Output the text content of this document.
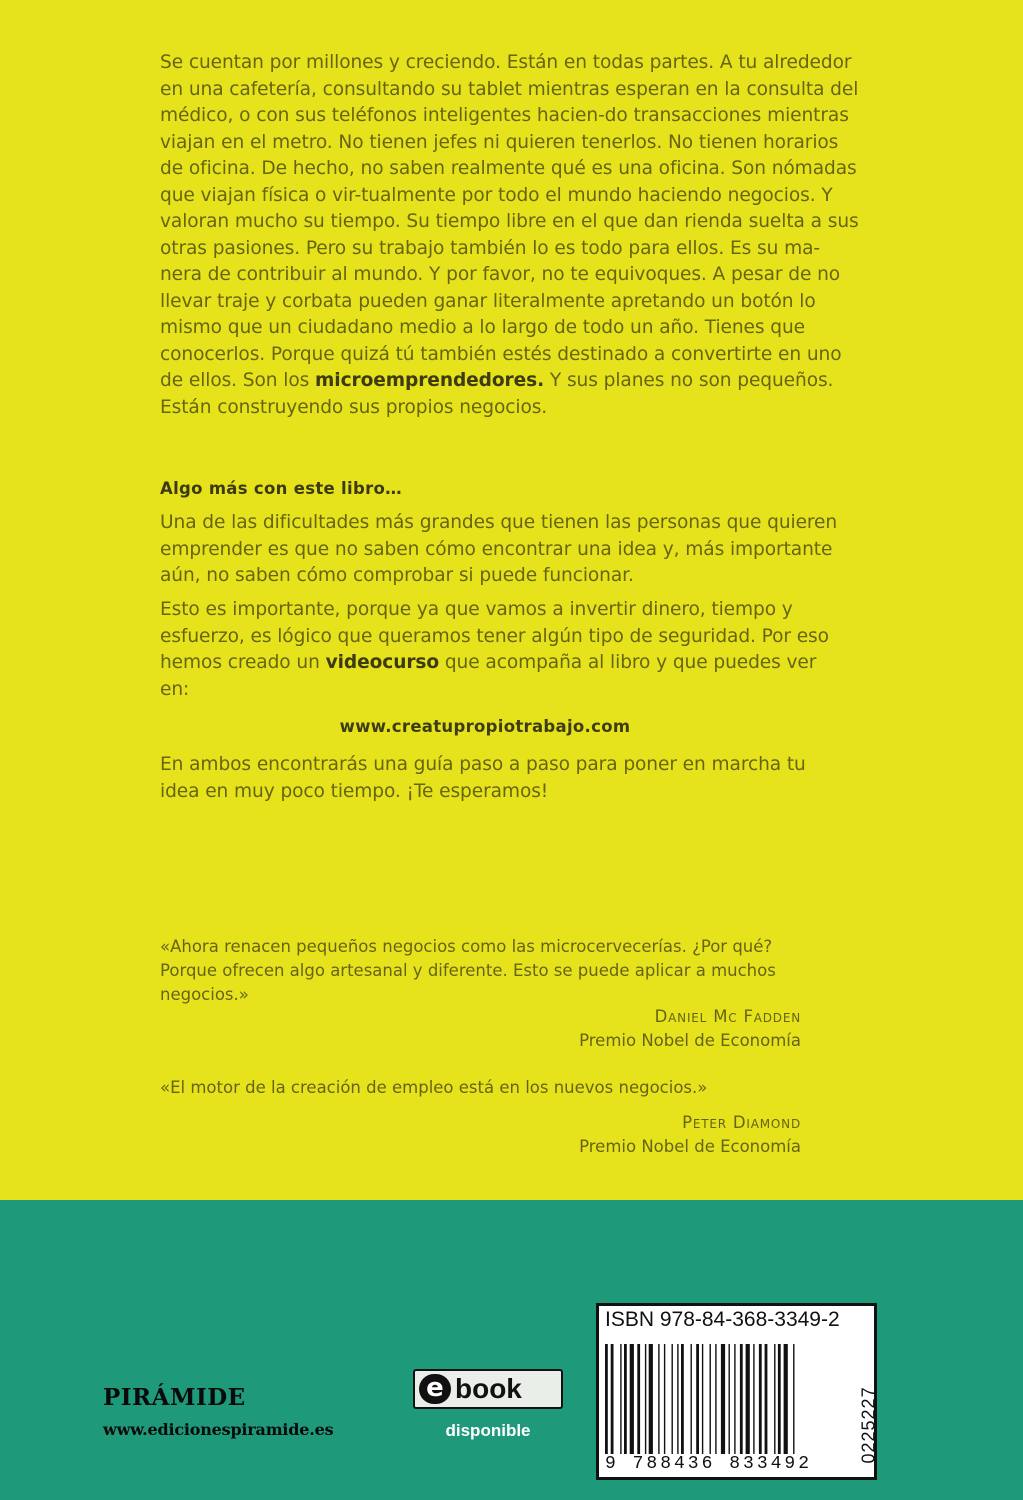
Se cuentan por millones y creciendo. Están en todas partes. A tu alrededor en una cafetería, consultando su tablet mientras esperan en la consulta del médico, o con sus teléfonos inteligentes hacien-do transacciones mientras viajan en el metro. No tienen jefes ni quieren tenerlos. No tienen horarios de oficina. De hecho, no saben realmente qué es una oficina. Son nómadas que viajan física o vir-tualmente por todo el mundo haciendo negocios. Y valoran mucho su tiempo. Su tiempo libre en el que dan rienda suelta a sus otras pasiones. Pero su trabajo también lo es todo para ellos. Es su ma-nera de contribuir al mundo. Y por favor, no te equivoques. A pesar de no llevar traje y corbata pueden ganar literalmente apretando un botón lo mismo que un ciudadano medio a lo largo de todo un año. Tienes que conocerlos. Porque quizá tú también estés destinado a convertirte en uno de ellos. Son los microemprendedores. Y sus planes no son pequeños. Están construyendo sus propios negocios.

Algo más con este libro…

Una de las dificultades más grandes que tienen las personas que quieren emprender es que no saben cómo encontrar una idea y, más importante aún, no saben cómo comprobar si puede funcionar.

Esto es importante, porque ya que vamos a invertir dinero, tiempo y esfuerzo, es lógico que queramos tener algún tipo de seguridad. Por eso hemos creado un videocurso que acompaña al libro y que puedes ver en:

www.creatupropiotrabajo.com

En ambos encontrarás una guía paso a paso para poner en marcha tu idea en muy poco tiempo. ¡Te esperamos!

«Ahora renacen pequeños negocios como las microcervecerías. ¿Por qué? Porque ofrecen algo artesanal y diferente. Esto se puede aplicar a muchos negocios.»

Daniel Mc Fadden
Premio Nobel de Economía

«El motor de la creación de empleo está en los nuevos negocios.»

Peter Diamond
Premio Nobel de Economía
PIRÁMIDE
www.edicionespiramide.es
e book
disponible
ISBN 978-84-368-3349-2
9 788436 833492
0225227
